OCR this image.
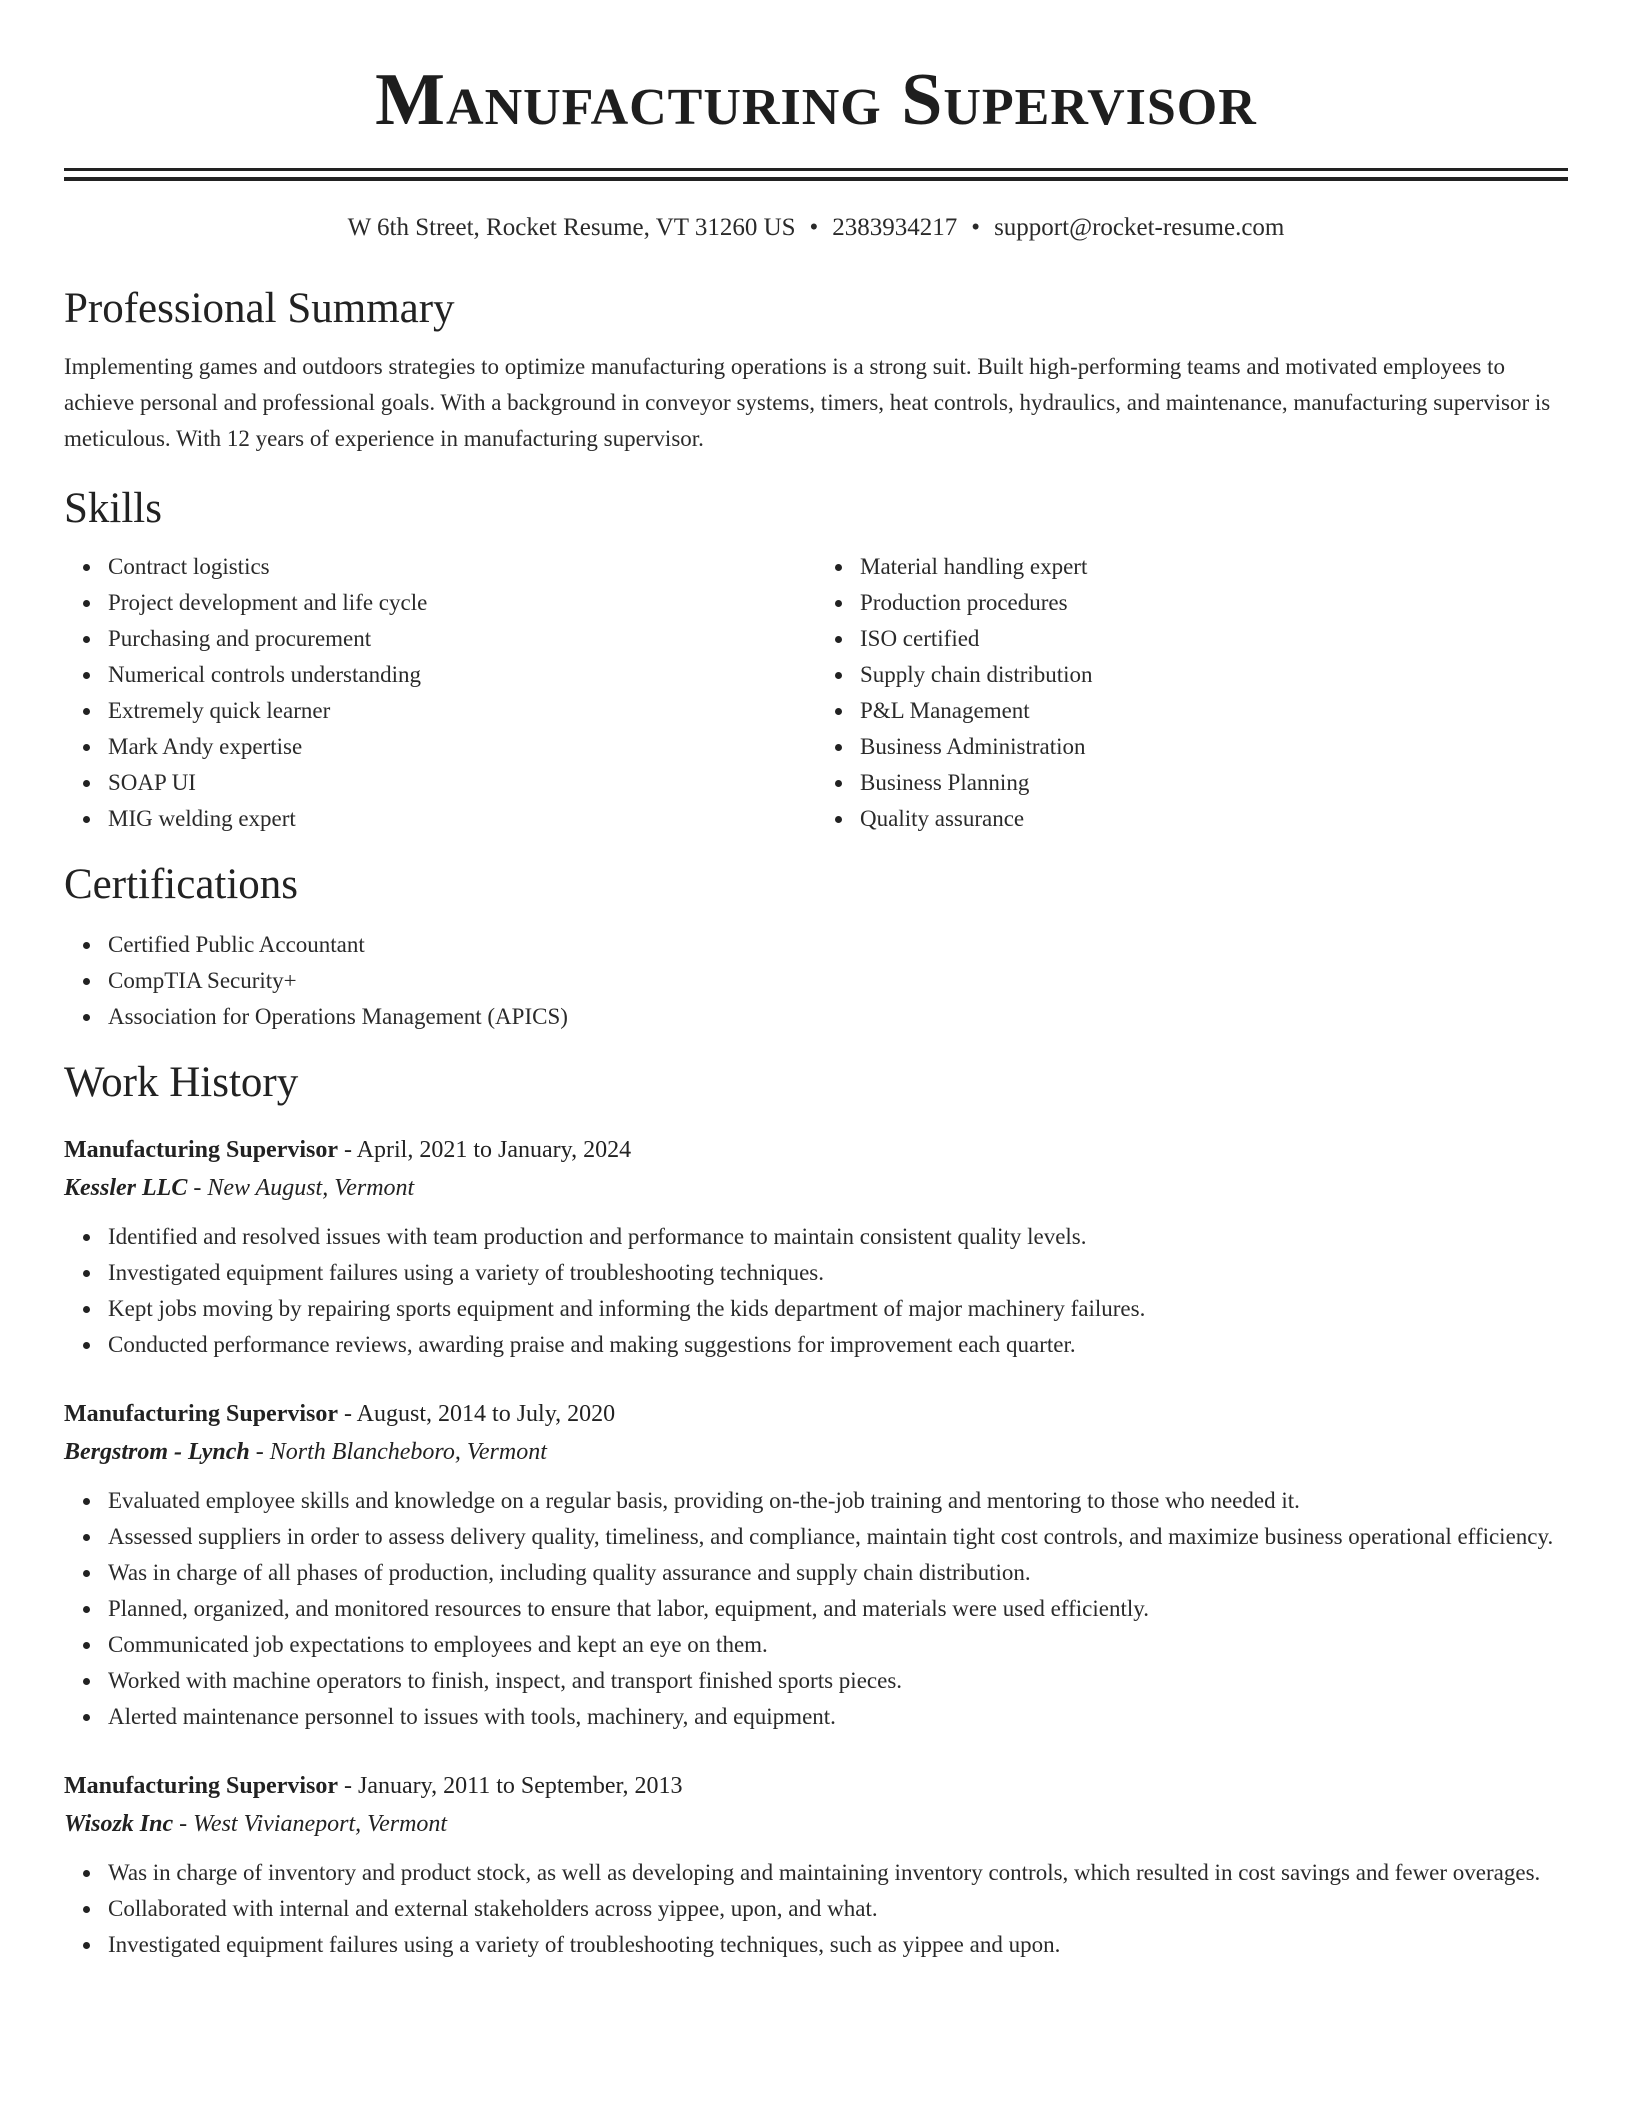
Manufacturing Supervisor
W 6th Street, Rocket Resume, VT 31260 US • 2383934217 • support@rocket-resume.com
Professional Summary
Implementing games and outdoors strategies to optimize manufacturing operations is a strong suit. Built high-performing teams and motivated employees to achieve personal and professional goals. With a background in conveyor systems, timers, heat controls, hydraulics, and maintenance, manufacturing supervisor is meticulous. With 12 years of experience in manufacturing supervisor.
Skills
Contract logistics
Project development and life cycle
Purchasing and procurement
Numerical controls understanding
Extremely quick learner
Mark Andy expertise
SOAP UI
MIG welding expert
Material handling expert
Production procedures
ISO certified
Supply chain distribution
P&L Management
Business Administration
Business Planning
Quality assurance
Certifications
Certified Public Accountant
CompTIA Security+
Association for Operations Management (APICS)
Work History
Manufacturing Supervisor - April, 2021 to January, 2024
Kessler LLC - New August, Vermont
Identified and resolved issues with team production and performance to maintain consistent quality levels.
Investigated equipment failures using a variety of troubleshooting techniques.
Kept jobs moving by repairing sports equipment and informing the kids department of major machinery failures.
Conducted performance reviews, awarding praise and making suggestions for improvement each quarter.
Manufacturing Supervisor - August, 2014 to July, 2020
Bergstrom - Lynch - North Blancheboro, Vermont
Evaluated employee skills and knowledge on a regular basis, providing on-the-job training and mentoring to those who needed it.
Assessed suppliers in order to assess delivery quality, timeliness, and compliance, maintain tight cost controls, and maximize business operational efficiency.
Was in charge of all phases of production, including quality assurance and supply chain distribution.
Planned, organized, and monitored resources to ensure that labor, equipment, and materials were used efficiently.
Communicated job expectations to employees and kept an eye on them.
Worked with machine operators to finish, inspect, and transport finished sports pieces.
Alerted maintenance personnel to issues with tools, machinery, and equipment.
Manufacturing Supervisor - January, 2011 to September, 2013
Wisozk Inc - West Vivianeport, Vermont
Was in charge of inventory and product stock, as well as developing and maintaining inventory controls, which resulted in cost savings and fewer overages.
Collaborated with internal and external stakeholders across yippee, upon, and what.
Investigated equipment failures using a variety of troubleshooting techniques, such as yippee and upon.
